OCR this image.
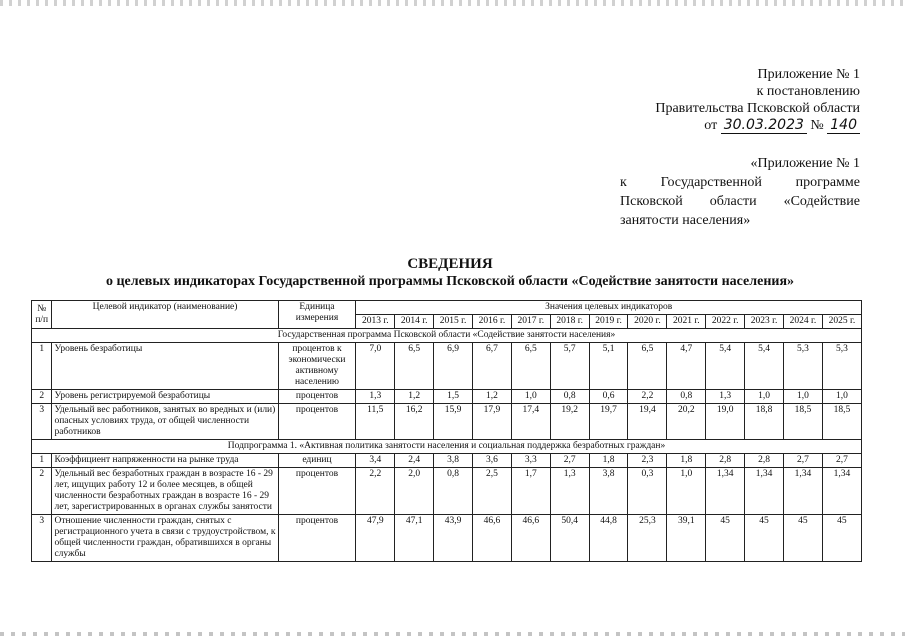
Приложение № 1
к постановлению
Правительства Псковской области
от 30.03.2023 № 140
«Приложение № 1
к Государственной программе Псковской области «Содействие занятости населения»
СВЕДЕНИЯ
о целевых индикаторах Государственной программы Псковской области «Содействие занятости населения»
№ п/п	Целевой индикатор (наименование)	Единица измерения	Значения целевых индикаторов												
			2013 г.	2014 г.	2015 г.	2016 г.	2017 г.	2018 г.	2019 г.	2020 г.	2021 г.	2022 г.	2023 г.	2024 г.	2025 г.
Государственная программа Псковской области «Содействие занятости населения»															
1	Уровень безработицы	процентов к экономически активному населению	7,0	6,5	6,9	6,7	6,5	5,7	5,1	6,5	4,7	5,4	5,4	5,3	5,3
2	Уровень регистрируемой безработицы	процентов	1,3	1,2	1,5	1,2	1,0	0,8	0,6	2,2	0,8	1,3	1,0	1,0	1,0
3	Удельный вес работников, занятых во вредных и (или) опасных условиях труда, от общей численности работников	процентов	11,5	16,2	15,9	17,9	17,4	19,2	19,7	19,4	20,2	19,0	18,8	18,5	18,5
Подпрограмма 1. «Активная политика занятости населения и социальная поддержка безработных граждан»															
1	Коэффициент напряженности на рынке труда	единиц	3,4	2,4	3,8	3,6	3,3	2,7	1,8	2,3	1,8	2,8	2,8	2,7	2,7
2	Удельный вес безработных граждан в возрасте 16 - 29 лет, ищущих работу 12 и более месяцев, в общей численности безработных граждан в возрасте 16 - 29 лет, зарегистрированных в органах службы занятости	процентов	2,2	2,0	0,8	2,5	1,7	1,3	3,8	0,3	1,0	1,34	1,34	1,34	1,34
3	Отношение численности граждан, снятых с регистрационного учета в связи с трудоустройством, к общей численности граждан, обратившихся в органы службы	процентов	47,9	47,1	43,9	46,6	46,6	50,4	44,8	25,3	39,1	45	45	45	45
